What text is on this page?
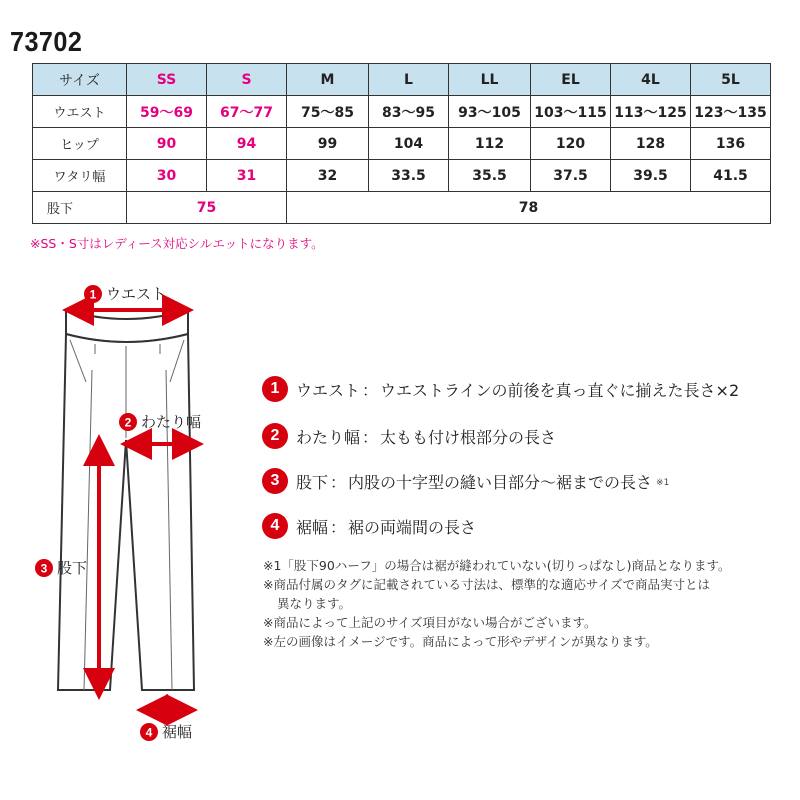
73702
サイズ	SS	S	M	L	LL	EL	4L	5L
ウエスト	59〜69	67〜77	75〜85	83〜95	93〜105	103〜115	113〜125	123〜135
ヒップ	90	94	99	104	112	120	128	136
ワタリ幅	30	31	32	33.5	35.5	37.5	39.5	41.5
股下	75		78					
※SS・S寸はレディース対応シルエットになります。
1 ウエスト
2 わたり幅
3 股下
4 裾幅
1	ウエスト ： ウエストラインの前後を真っ直ぐに揃えた長さ×2
2	わたり幅 ： 太もも付け根部分の長さ
3	股下 ： 内股の十字型の縫い目部分〜裾までの長さ ※1
4	裾幅 ： 裾の両端間の長さ
※1「股下90ハーフ」の場合は裾が縫われていない(切りっぱなし)商品となります。
※商品付属のタグに記載されている寸法は、標準的な適応サイズで商品実寸とは
異なります。
※商品によって上記のサイズ項目がない場合がございます。
※左の画像はイメージです。商品によって形やデザインが異なります。
